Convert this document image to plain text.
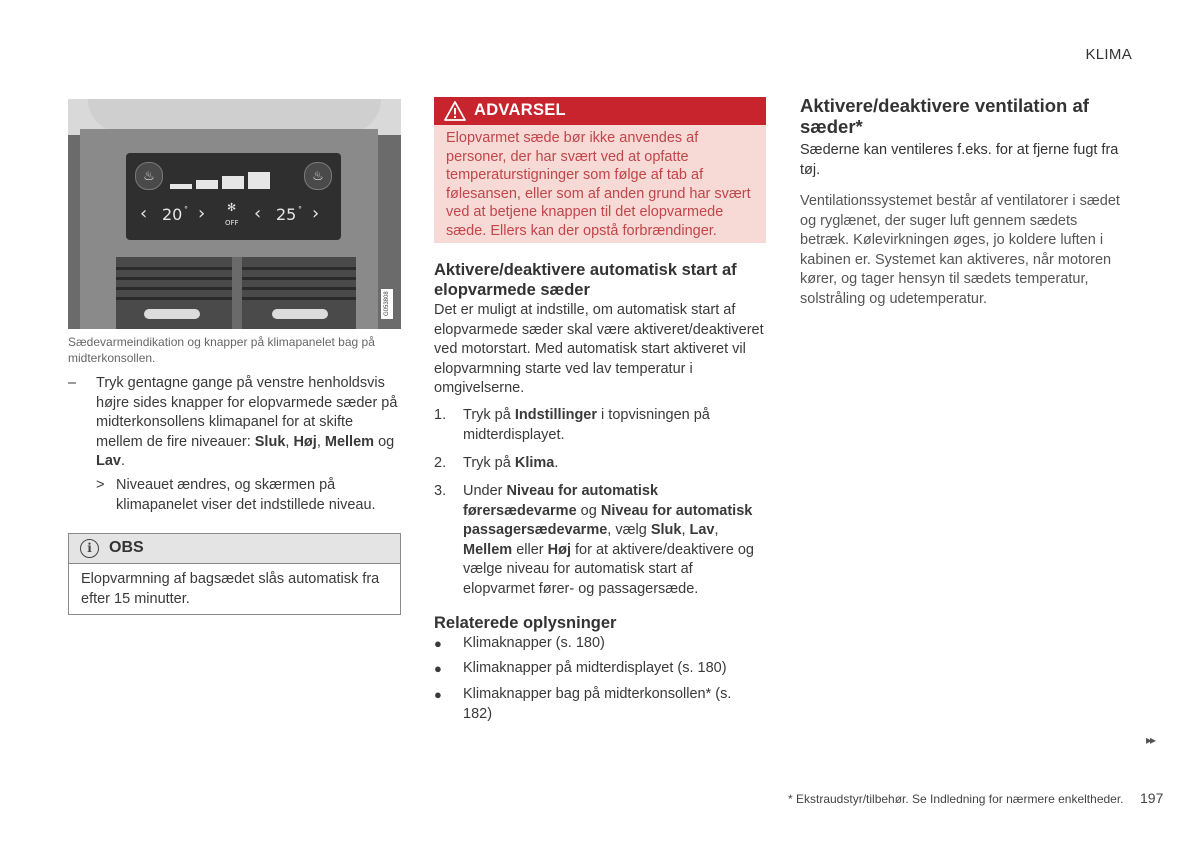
KLIMA
♨	♨
‹ 20 ° › ✻
OFF ‹ 25 ° ›
G053808
Sædevarmeindikation og knapper på klimapanelet bag på midterkonsollen.
– Tryk gentagne gange på venstre henholdsvis højre sides knapper for elopvarmede sæder på midterkonsollens klimapanel for at skifte mellem de fire niveauer: Sluk, Høj, Mellem og Lav.
> Niveauet ændres, og skærmen på klimapanelet viser det indstillede niveau.
i	OBS
Elopvarmning af bagsædet slås automatisk fra efter 15 minutter.
ADVARSEL
Elopvarmet sæde bør ikke anvendes af personer, der har svært ved at opfatte temperaturstigninger som følge af tab af følesansen, eller som af anden grund har svært ved at betjene knappen til det elopvarmede sæde. Ellers kan der opstå forbrændinger.
Aktivere/deaktivere automatisk start af elopvarmede sæder
Det er muligt at indstille, om automatisk start af elopvarmede sæder skal være aktiveret/deaktiveret ved motorstart. Med automatisk start aktiveret vil elopvarmning starte ved lav temperatur i omgivelserne.
1. Tryk på Indstillinger i topvisningen på midterdisplayet.
2. Tryk på Klima.
3. Under Niveau for automatisk førersædevarme og Niveau for automatisk passagersædevarme, vælg Sluk, Lav, Mellem eller Høj for at aktivere/deaktivere og vælge niveau for automatisk start af elopvarmet fører- og passagersæde.
Relaterede oplysninger
● Klimaknapper (s. 180)
● Klimaknapper på midterdisplayet (s. 180)
● Klimaknapper bag på midterkonsollen* (s. 182)
Aktivere/deaktivere ventilation af sæder*
Sæderne kan ventileres f.eks. for at fjerne fugt fra tøj.
Ventilationssystemet består af ventilatorer i sædet og ryglænet, der suger luft gennem sædets betræk. Kølevirkningen øges, jo koldere luften i kabinen er. Systemet kan aktiveres, når motoren kører, og tager hensyn til sædets temperatur, solstråling og udetemperatur.
▸▸
* Ekstraudstyr/tilbehør. Se Indledning for nærmere enkeltheder. 197
